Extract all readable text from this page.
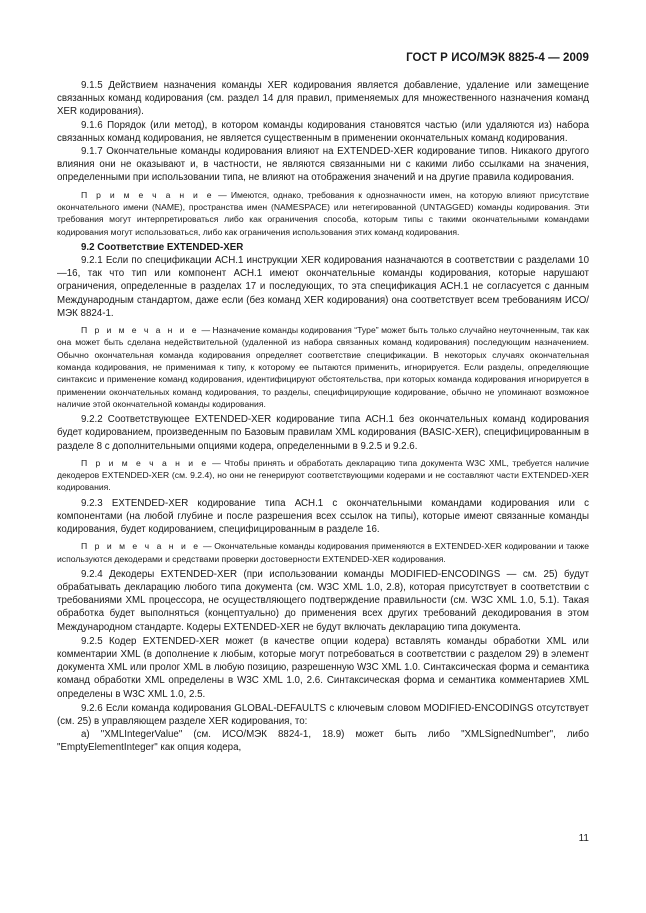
ГОСТ Р ИСО/МЭК 8825-4 — 2009

9.1.5 Действием назначения команды XER кодирования является добавление, удаление или замещение связанных команд кодирования (см. раздел 14 для правил, применяемых для множественного назначения команд XER кодирования).

9.1.6 Порядок (или метод), в котором команды кодирования становятся частью (или удаляются из) набора связанных команд кодирования, не является существенным в применении окончательных команд кодирования.

9.1.7 Окончательные команды кодирования влияют на EXTENDED-XER кодирование типов. Никакого другого влияния они не оказывают и, в частности, не являются связанными ни с какими либо ссылками на значения, определенными при использовании типа, не влияют на отображения значений и на другие правила кодирования.

П р и м е ч а н и е — Имеются, однако, требования к однозначности имен, на которую влияют присутствие окончательного имени (NAME), пространства имен (NAMESPACE) или нетегированной (UNTAGGED) команды кодирования. Эти требования могут интерпретироваться либо как ограничения способа, которым типы с такими окончательными командами кодирования могут использоваться, либо как ограничения использования этих команд кодирования.

9.2 Соответствие EXTENDED-XER

9.2.1 Если по спецификации АСН.1 инструкции XER кодирования назначаются в соответствии с разделами 10—16, так что тип или компонент АСН.1 имеют окончательные команды кодирования, которые нарушают ограничения, определенные в разделах 17 и последующих, то эта спецификация АСН.1 не согласуется с данным Международным стандартом, даже если (без команд XER кодирования) она соответствует всем требованиям ИСО/МЭК 8824-1.

П р и м е ч а н и е — Назначение команды кодирования “Type” может быть только случайно неуточненным, так как она может быть сделана недействительной (удаленной из набора связанных команд кодирования) последующим назначением. Обычно окончательная команда кодирования определяет соответствие спецификации. В некоторых случаях окончательная команда кодирования, не применимая к типу, к которому ее пытаются применить, игнорируется. Если разделы, определяющие синтаксис и применение команд кодирования, идентифицируют обстоятельства, при которых команда кодирования игнорируется в применении окончательных команд кодирования, то разделы, специфицирующие кодирование, обычно не упоминают возможное наличие этой окончательной команды кодирования.

9.2.2 Соответствующее EXTENDED-XER кодирование типа АСН.1 без окончательных команд кодирования будет кодированием, произведенным по Базовым правилам XML кодирования (BASIC-XER), специфицированным в разделе 8 с дополнительными опциями кодера, определенными в 9.2.5 и 9.2.6.

П р и м е ч а н и е — Чтобы принять и обработать декларацию типа документа W3C XML, требуется наличие декодеров EXTENDED-XER (см. 9.2.4), но они не генерируют соответствующими кодерами и не составляют части EXTENDED-XER кодирования.

9.2.3 EXTENDED-XER кодирование типа АСН.1 с окончательными командами кодирования или с компонентами (на любой глубине и после разрешения всех ссылок на типы), которые имеют связанные команды кодирования, будет кодированием, специфицированным в разделе 16.

П р и м е ч а н и е — Окончательные команды кодирования применяются в EXTENDED-XER кодировании и также используются декодерами и средствами проверки достоверности EXTENDED-XER кодирования.

9.2.4 Декодеры EXTENDED-XER (при использовании команды MODIFIED-ENCODINGS — см. 25) будут обрабатывать декларацию любого типа документа (см. W3C XML 1.0, 2.8), которая присутствует в соответствии с требованиями XML процессора, не осуществляющего подтверждение правильности (см. W3C XML 1.0, 5.1). Такая обработка будет выполняться (концептуально) до применения всех других требований декодирования в этом Международном стандарте. Кодеры EXTENDED-XER не будут включать декларацию типа документа.

9.2.5 Кодер EXTENDED-XER может (в качестве опции кодера) вставлять команды обработки XML или комментарии XML (в дополнение к любым, которые могут потребоваться в соответствии с разделом 29) в элемент документа XML или пролог XML в любую позицию, разрешенную W3C XML 1.0. Синтаксическая форма и семантика команд обработки XML определены в W3C XML 1.0, 2.6. Синтаксическая форма и семантика комментариев XML определены в W3C XML 1.0, 2.5.

9.2.6 Если команда кодирования GLOBAL-DEFAULTS с ключевым словом MODIFIED-ENCODINGS отсутствует (см. 25) в управляющем разделе XER кодирования, то:

a) "XMLIntegerValue" (см. ИСО/МЭК 8824-1, 18.9) может быть либо "XMLSignedNumber", либо "EmptyElementInteger" как опция кодера,

11
